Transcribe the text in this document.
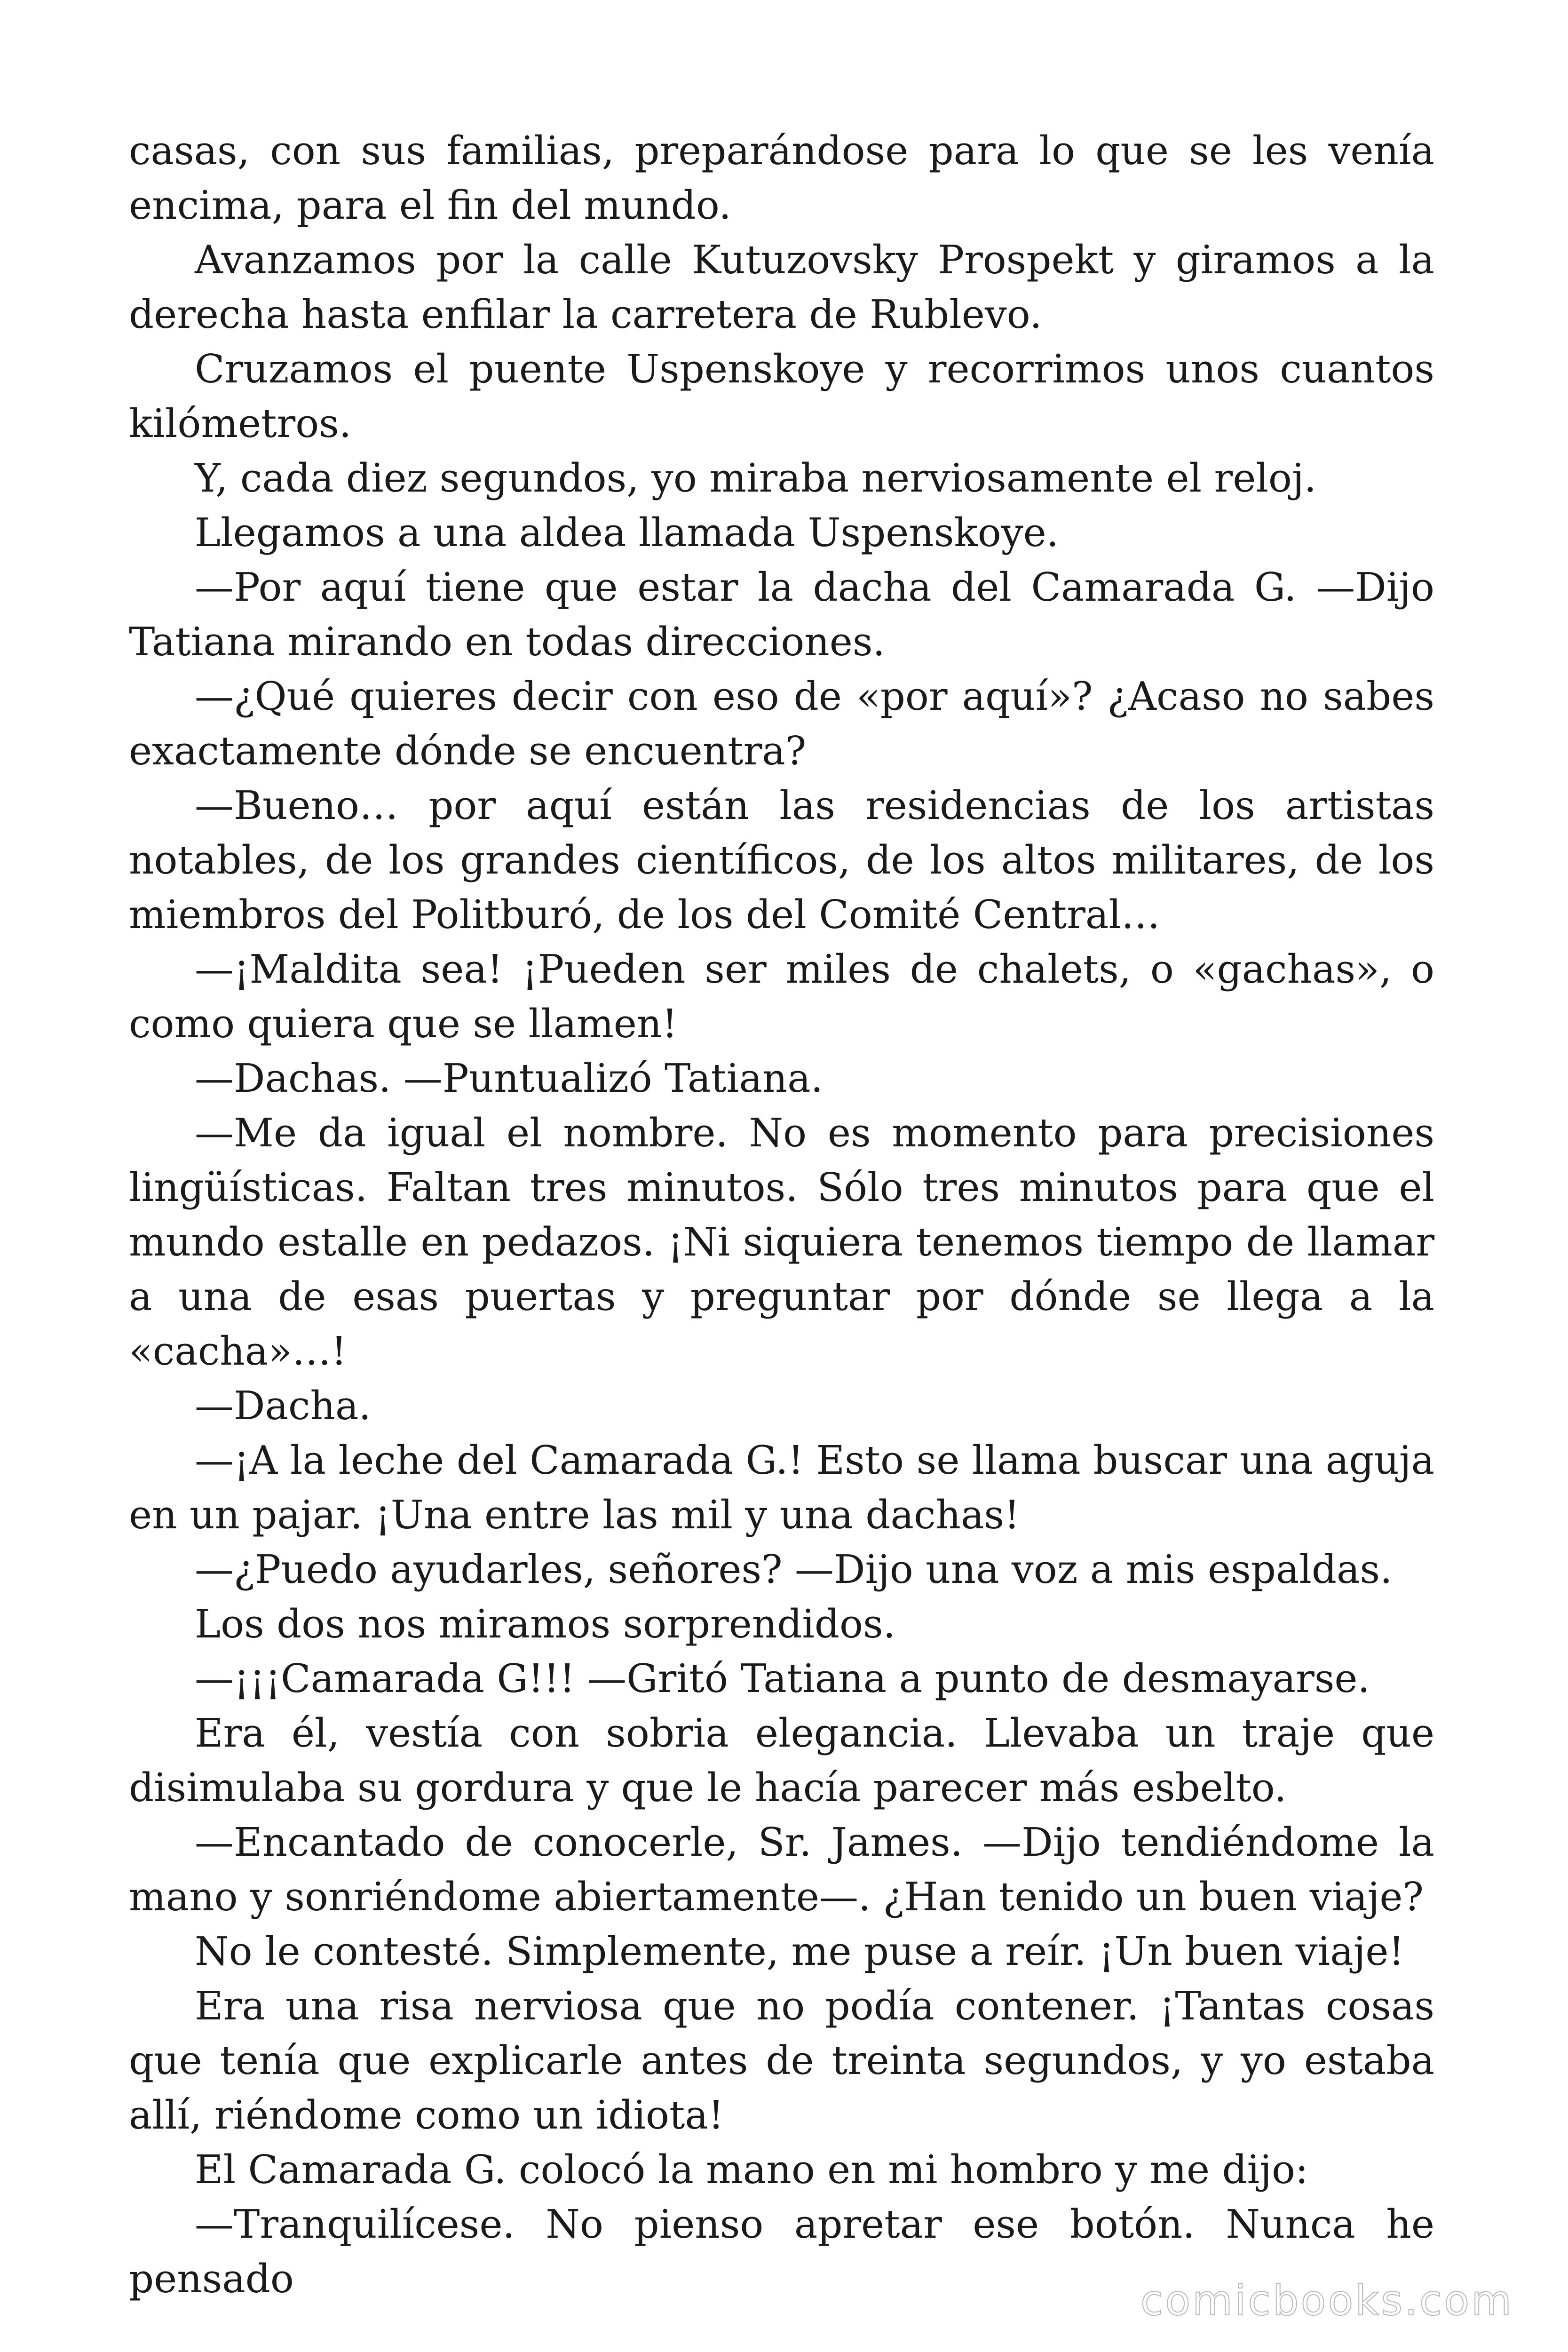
casas, con sus familias, preparándose para lo que se les venía encima, para el fin del mundo.

Avanzamos por la calle Kutuzovsky Prospekt y giramos a la derecha hasta enfilar la carretera de Rublevo.

Cruzamos el puente Uspenskoye y recorrimos unos cuantos kilómetros.

Y, cada diez segundos, yo miraba nerviosamente el reloj.

Llegamos a una aldea llamada Uspenskoye.

—Por aquí tiene que estar la dacha del Camarada G. —Dijo Tatiana mirando en todas direcciones.

—¿Qué quieres decir con eso de «por aquí»? ¿Acaso no sabes exactamente dónde se encuentra?

—Bueno… por aquí están las residencias de los artistas notables, de los grandes científicos, de los altos militares, de los miembros del Politburó, de los del Comité Central…

—¡Maldita sea! ¡Pueden ser miles de chalets, o «gachas», o como quiera que se llamen!

—Dachas. —Puntualizó Tatiana.

—Me da igual el nombre. No es momento para precisiones lingüísticas. Faltan tres minutos. Sólo tres minutos para que el mundo estalle en pedazos. ¡Ni siquiera tenemos tiempo de llamar a una de esas puertas y preguntar por dónde se llega a la «cacha»…!

—Dacha.

—¡A la leche del Camarada G.! Esto se llama buscar una aguja en un pajar. ¡Una entre las mil y una dachas!

—¿Puedo ayudarles, señores? —Dijo una voz a mis espaldas.

Los dos nos miramos sorprendidos.

—¡¡¡Camarada G!!! —Gritó Tatiana a punto de desmayarse.

Era él, vestía con sobria elegancia. Llevaba un traje que disimulaba su gordura y que le hacía parecer más esbelto.

—Encantado de conocerle, Sr. James. —Dijo tendiéndome la mano y sonriéndome abiertamente—. ¿Han tenido un buen viaje?

No le contesté. Simplemente, me puse a reír. ¡Un buen viaje!

Era una risa nerviosa que no podía contener. ¡Tantas cosas que tenía que explicarle antes de treinta segundos, y yo estaba allí, riéndome como un idiota!

El Camarada G. colocó la mano en mi hombro y me dijo:

—Tranquilícese. No pienso apretar ese botón. Nunca he pensado	comicbooks.com
